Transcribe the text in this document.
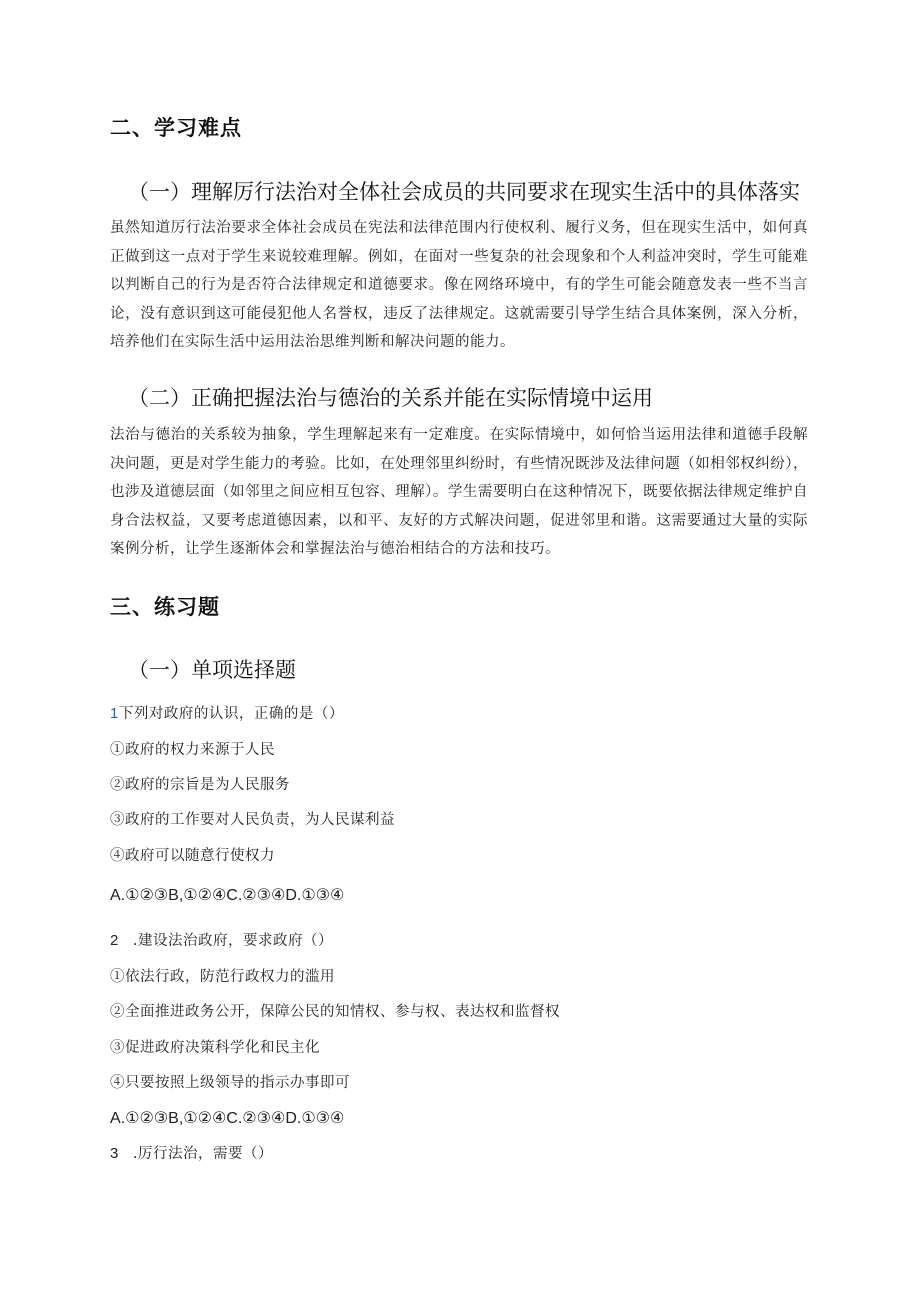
二、学习难点
（一）理解厉行法治对全体社会成员的共同要求在现实生活中的具体落实

虽然知道厉行法治要求全体社会成员在宪法和法律范围内行使权利、履行义务，但在现实生活中，如何真正做到这一点对于学生来说较难理解。例如，在面对一些复杂的社会现象和个人利益冲突时，学生可能难以判断自己的行为是否符合法律规定和道德要求。像在网络环境中，有的学生可能会随意发表一些不当言论，没有意识到这可能侵犯他人名誉权，违反了法律规定。这就需要引导学生结合具体案例，深入分析，培养他们在实际生活中运用法治思维判断和解决问题的能力。

（二）正确把握法治与德治的关系并能在实际情境中运用

法治与德治的关系较为抽象，学生理解起来有一定难度。在实际情境中，如何恰当运用法律和道德手段解决问题，更是对学生能力的考验。比如，在处理邻里纠纷时，有些情况既涉及法律问题（如相邻权纠纷），也涉及道德层面（如邻里之间应相互包容、理解）。学生需要明白在这种情况下，既要依据法律规定维护自身合法权益，又要考虑道德因素，以和平、友好的方式解决问题，促进邻里和谐。这需要通过大量的实际案例分析，让学生逐渐体会和掌握法治与德治相结合的方法和技巧。

三、练习题
（一）单项选择题

1下列对政府的认识，正确的是（）

①政府的权力来源于人民

②政府的宗旨是为人民服务

③政府的工作要对人民负责，为人民谋利益

④政府可以随意行使权力

A.①②③B,①②④C.②③④D.①③④

2 .建设法治政府，要求政府（）

①依法行政，防范行政权力的滥用

②全面推进政务公开，保障公民的知情权、参与权、表达权和监督权

③促进政府决策科学化和民主化

④只要按照上级领导的指示办事即可

A.①②③B,①②④C.②③④D.①③④

3 .厉行法治，需要（）
